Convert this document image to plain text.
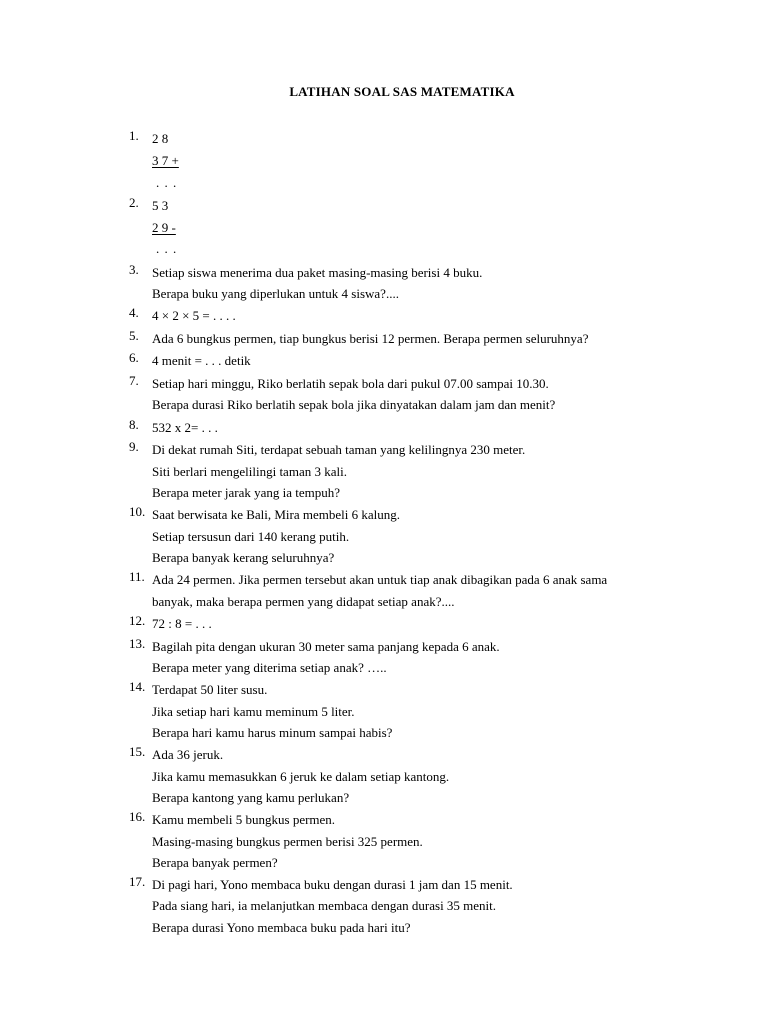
LATIHAN SOAL SAS MATEMATIKA
1. 2 8
3 7 +
. . .
2. 5 3
2 9 -
. . .
3. Setiap siswa menerima dua paket masing-masing berisi 4 buku.
Berapa buku yang diperlukan untuk 4 siswa?....
4. 4 × 2 × 5 = . . . .
5. Ada 6 bungkus permen, tiap bungkus berisi 12 permen. Berapa permen seluruhnya?
6. 4 menit = . . . detik
7. Setiap hari minggu, Riko berlatih sepak bola dari pukul 07.00 sampai 10.30.
Berapa durasi Riko berlatih sepak bola jika dinyatakan dalam jam dan menit?
8. 532 x 2= . . .
9. Di dekat rumah Siti, terdapat sebuah taman yang kelilingnya 230 meter.
Siti berlari mengelilingi taman 3 kali.
Berapa meter jarak yang ia tempuh?
10. Saat berwisata ke Bali, Mira membeli 6 kalung.
Setiap tersusun dari 140 kerang putih.
Berapa banyak kerang seluruhnya?
11. Ada 24 permen. Jika permen tersebut akan untuk tiap anak dibagikan pada 6 anak sama
banyak, maka berapa permen yang didapat setiap anak?....
12. 72 : 8 = . . .
13. Bagilah pita dengan ukuran 30 meter sama panjang kepada 6 anak.
Berapa meter yang diterima setiap anak? …..
14. Terdapat 50 liter susu.
Jika setiap hari kamu meminum 5 liter.
Berapa hari kamu harus minum sampai habis?
15. Ada 36 jeruk.
Jika kamu memasukkan 6 jeruk ke dalam setiap kantong.
Berapa kantong yang kamu perlukan?
16. Kamu membeli 5 bungkus permen.
Masing-masing bungkus permen berisi 325 permen.
Berapa banyak permen?
17. Di pagi hari, Yono membaca buku dengan durasi 1 jam dan 15 menit.
Pada siang hari, ia melanjutkan membaca dengan durasi 35 menit.
Berapa durasi Yono membaca buku pada hari itu?
